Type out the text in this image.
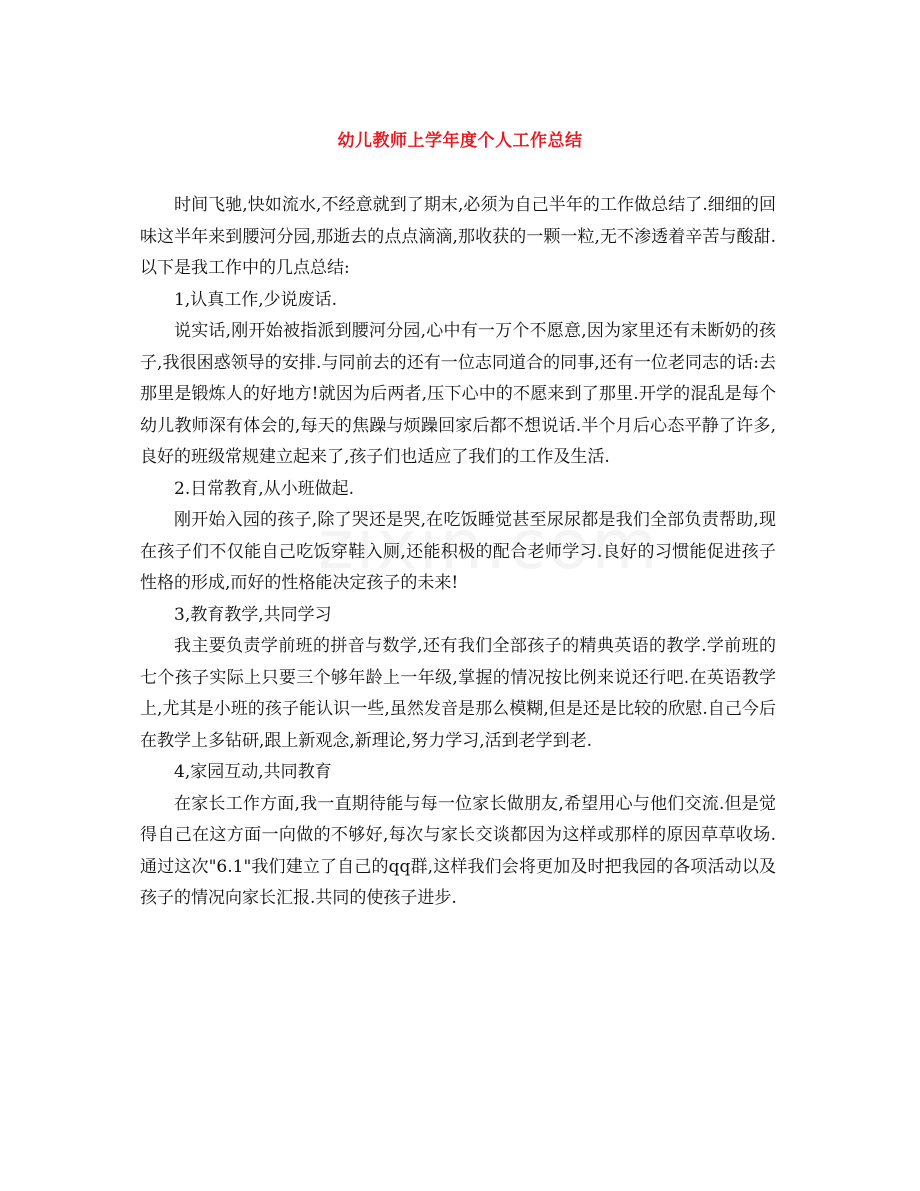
幼儿教师上学年度个人工作总结

时间飞驰,快如流水,不经意就到了期末,必须为自己半年的工作做总结了.细细的回味这半年来到腰河分园,那逝去的点点滴滴,那收获的一颗一粒,无不渗透着辛苦与酸甜.以下是我工作中的几点总结:

1,认真工作,少说废话.

说实话,刚开始被指派到腰河分园,心中有一万个不愿意,因为家里还有未断奶的孩子,我很困惑领导的安排.与同前去的还有一位志同道合的同事,还有一位老同志的话:去那里是锻炼人的好地方!就因为后两者,压下心中的不愿来到了那里.开学的混乱是每个幼儿教师深有体会的,每天的焦躁与烦躁回家后都不想说话.半个月后心态平静了许多,良好的班级常规建立起来了,孩子们也适应了我们的工作及生活.

2.日常教育,从小班做起.

刚开始入园的孩子,除了哭还是哭,在吃饭睡觉甚至尿尿都是我们全部负责帮助,现在孩子们不仅能自己吃饭穿鞋入厕,还能积极的配合老师学习.良好的习惯能促进孩子性格的形成,而好的性格能决定孩子的未来!

3,教育教学,共同学习

我主要负责学前班的拼音与数学,还有我们全部孩子的精典英语的教学.学前班的七个孩子实际上只要三个够年龄上一年级,掌握的情况按比例来说还行吧.在英语教学上,尤其是小班的孩子能认识一些,虽然发音是那么模糊,但是还是比较的欣慰.自己今后在教学上多钻研,跟上新观念,新理论,努力学习,活到老学到老.

4,家园互动,共同教育

在家长工作方面,我一直期待能与每一位家长做朋友,希望用心与他们交流.但是觉得自己在这方面一向做的不够好,每次与家长交谈都因为这样或那样的原因草草收场.通过这次"6.1"我们建立了自己的qq群,这样我们会将更加及时把我园的各项活动以及孩子的情况向家长汇报.共同的使孩子进步.
